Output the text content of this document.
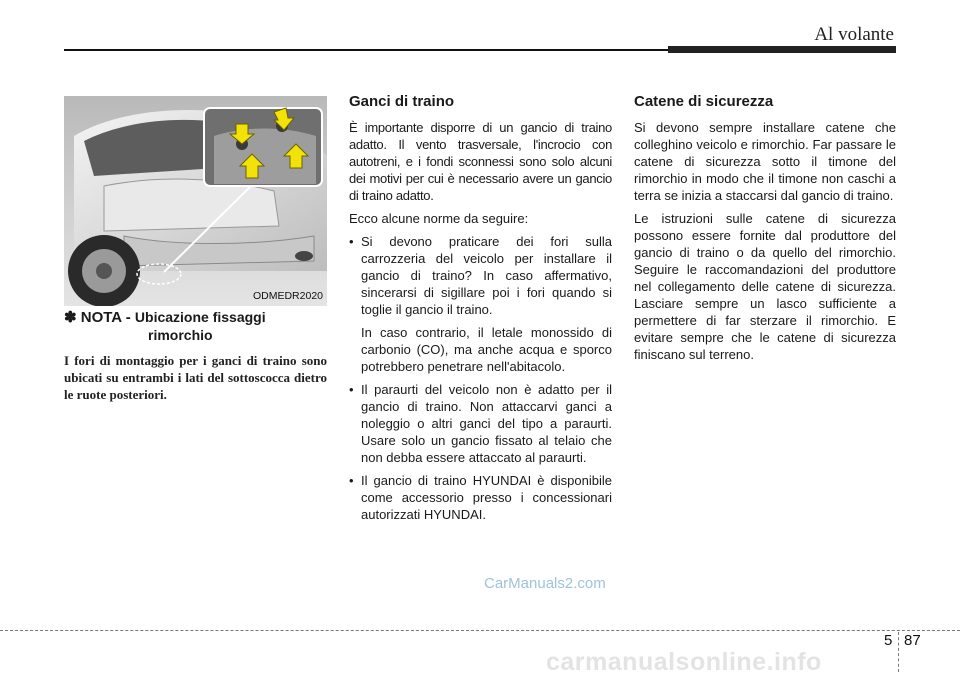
Al volante
ODMEDR2020
✽ NOTA - Ubicazione fissaggi
rimorchio
I fori di montaggio per i ganci di traino sono ubicati su entrambi i lati del sottoscocca dietro le ruote posteriori.
Ganci di traino
È importante disporre di un gancio di traino adatto. Il vento trasversale, l'incrocio con autotreni, e i fondi sconnessi sono solo alcuni dei motivi per cui è necessario avere un gancio di traino adatto.
Ecco alcune norme da seguire:
• Si devono praticare dei fori sulla carrozzeria del veicolo per installare il gancio di traino? In caso affermativo, sincerarsi di sigillare poi i fori quando si toglie il gancio il traino.
In caso contrario, il letale monossido di carbonio (CO), ma anche acqua e sporco potrebbero penetrare nell'abitacolo.
• Il paraurti del veicolo non è adatto per il gancio di traino. Non attaccarvi ganci a noleggio o altri ganci del tipo a paraurti. Usare solo un gancio fissato al telaio che non debba essere attaccato al paraurti.
• Il gancio di traino HYUNDAI è disponibile come accessorio presso i concessionari autorizzati HYUNDAI.
Catene di sicurezza
Si devono sempre installare catene che colleghino veicolo e rimorchio. Far passare le catene di sicurezza sotto il timone del rimorchio in modo che il timone non caschi a terra se inizia a staccarsi dal gancio di traino.
Le istruzioni sulle catene di sicurezza possono essere fornite dal produttore del gancio di traino o da quello del rimorchio. Seguire le raccomandazioni del produttore nel collegamento delle catene di sicurezza. Lasciare sempre un lasco sufficiente a permettere di far sterzare il rimorchio. E evitare sempre che le catene di sicurezza finiscano sul terreno.
CarManuals2.com
5 87
carmanualsonline.info
